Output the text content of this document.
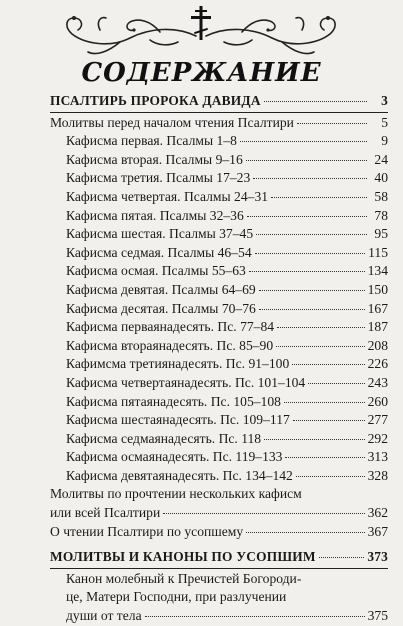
СОДЕРЖАНИЕ
ПСАЛТИРЬ ПРОРОКА ДАВИДА	3
Молитвы перед началом чтения Псалтири	5
Кафисма первая. Псалмы 1–8	9
Кафисма вторая. Псалмы 9–16	24
Кафисма третия. Псалмы 17–23	40
Кафисма четвертая. Псалмы 24–31	58
Кафисма пятая. Псалмы 32–36	78
Кафисма шестая. Псалмы 37–45	95
Кафисма седмая. Псалмы 46–54	115
Кафисма осмая. Псалмы 55–63	134
Кафисма девятая. Псалмы 64–69	150
Кафисма десятая. Псалмы 70–76	167
Кафисма перваянадесять. Пс. 77–84	187
Кафисма втораянадесять. Пс. 85–90	208
Кафимсма третиянадесять. Пс. 91–100	226
Кафисма четвертаянадесять. Пс. 101–104	243
Кафисма пятаянадесять. Пс. 105–108	260
Кафисма шестаянадесять. Пс. 109–117	277
Кафисма седмаянадесять. Пс. 118	292
Кафисма осмаянадесять. Пс. 119–133	313
Кафисма девятаянадесять. Пс. 134–142	328
Молитвы по прочтении нескольких кафисм
или всей Псалтири	362
О чтении Псалтири по усопшему	367
МОЛИТВЫ И КАНОНЫ ПО УСОПШИМ	373
Канон молебный к Пречистей Богороди-
це, Матери Господни, при разлучении
души от тела	375
